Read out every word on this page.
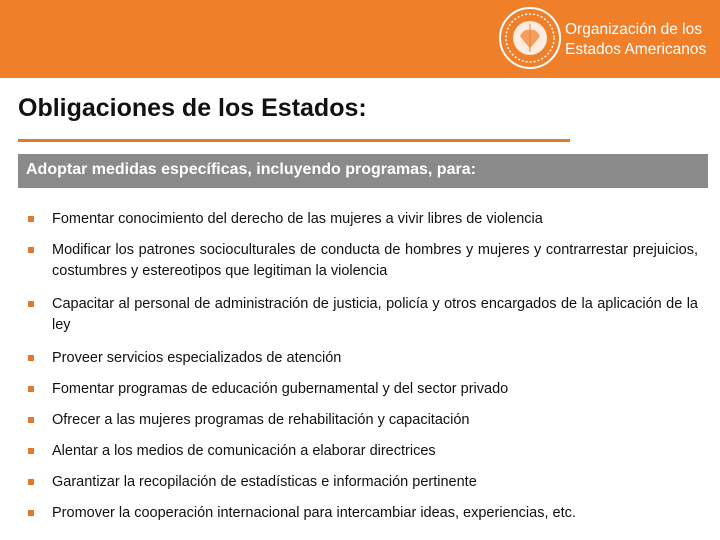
Organización de los
Estados Americanos
Obligaciones de los Estados:
Adoptar medidas específicas, incluyendo programas, para:
Fomentar conocimiento del derecho de las mujeres a vivir libres de violencia
Modificar los patrones socioculturales de conducta de hombres y mujeres y contrarrestar prejuicios, costumbres y estereotipos que legitiman la violencia
Capacitar al personal de administración de justicia, policía y otros encargados de la aplicación de la ley
Proveer servicios especializados de atención
Fomentar programas de educación gubernamental y del sector privado
Ofrecer a las mujeres programas de rehabilitación y capacitación
Alentar a los medios de comunicación a elaborar directrices
Garantizar la recopilación de estadísticas e información pertinente
Promover la cooperación internacional para intercambiar ideas, experiencias, etc.
